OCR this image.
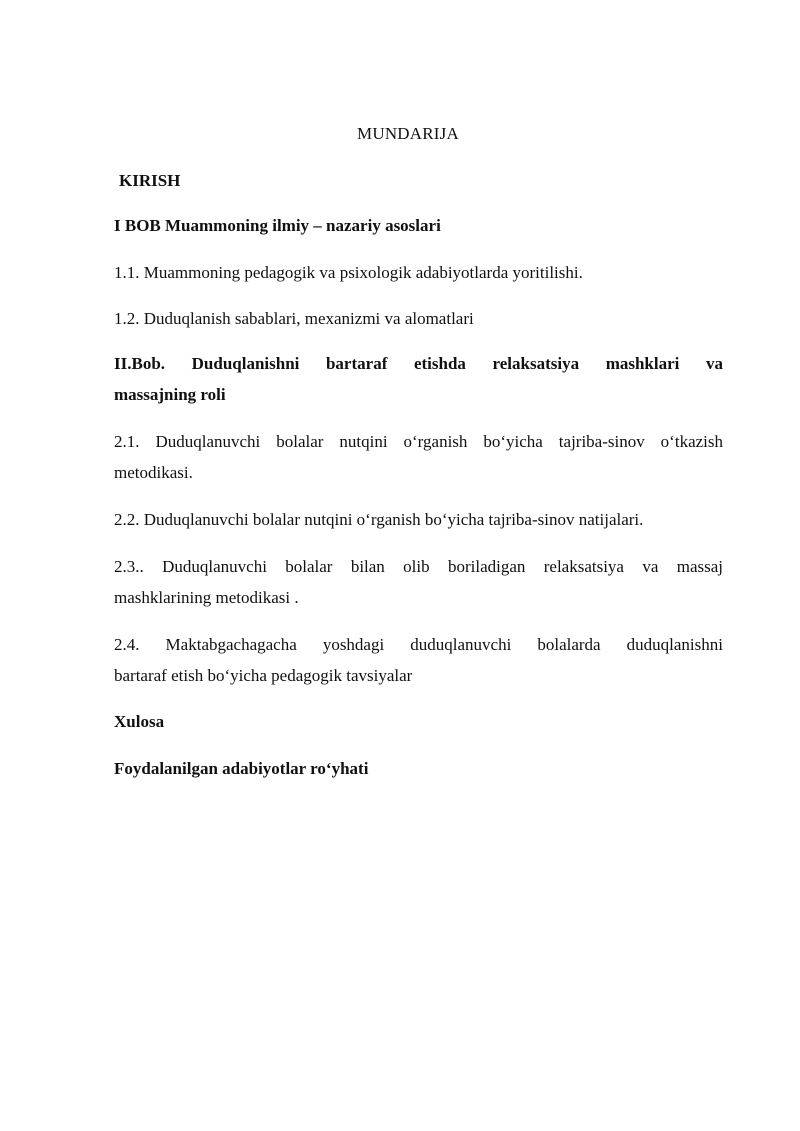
MUNDARIJA
KIRISH
I BOB Muammoning ilmiy – nazariy asoslari
1.1. Muammoning pedagogik va psixologik adabiyotlarda yoritilishi.
1.2. Duduqlanish sabablari, mexanizmi va alomatlari
II.Bob. Duduqlanishni bartaraf etishda relaksatsiya mashklari va
massajning roli
2.1. Duduqlanuvchi bolalar nutqini o‘rganish bo‘yicha tajriba-sinov o‘tkazish
metodikasi.
2.2. Duduqlanuvchi bolalar nutqini o‘rganish bo‘yicha tajriba-sinov natijalari.
2.3.. Duduqlanuvchi bolalar bilan olib boriladigan relaksatsiya va massaj
mashklarining metodikasi .
2.4. Maktabgachagacha yoshdagi duduqlanuvchi bolalarda duduqlanishni
bartaraf etish bo‘yicha pedagogik tavsiyalar
Xulosa
Foydalanilgan adabiyotlar ro‘yhati
